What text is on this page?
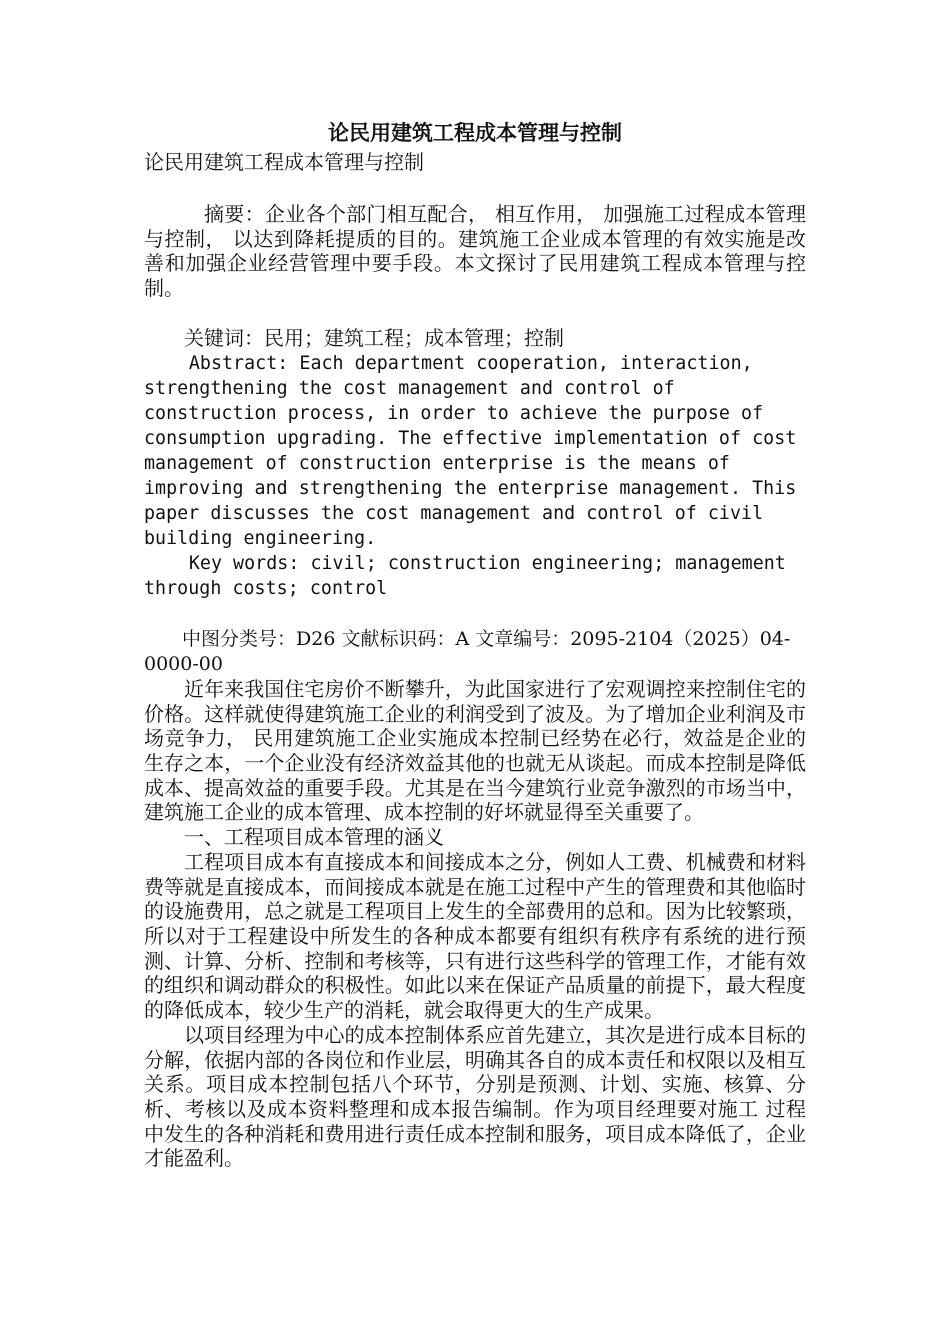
论民用建筑工程成本管理与控制

论民用建筑工程成本管理与控制

摘要：企业各个部门相互配合， 相互作用， 加强施工过程成本管理与控制， 以达到降耗提质的目的。建筑施工企业成本管理的有效实施是改善和加强企业经营管理中要手段。本文探讨了民用建筑工程成本管理与控制。

关键词：民用；建筑工程；成本管理；控制

Abstract: Each department cooperation, interaction, strengthening the cost management and control of construction process, in order to achieve the purpose of consumption upgrading. The effective implementation of cost management of construction enterprise is the means of improving and strengthening the enterprise management. This paper discusses the cost management and control of civil building engineering.

Key words: civil; construction engineering; management through costs; control

中图分类号：D26 文献标识码：A 文章编号：2095-2104（2025）04-0000-00

近年来我国住宅房价不断攀升，为此国家进行了宏观调控来控制住宅的价格。这样就使得建筑施工企业的利润受到了波及。为了增加企业利润及市场竞争力， 民用建筑施工企业实施成本控制已经势在必行，效益是企业的生存之本，一个企业没有经济效益其他的也就无从谈起。而成本控制是降低成本、提高效益的重要手段。尤其是在当今建筑行业竞争激烈的市场当中，建筑施工企业的成本管理、成本控制的好坏就显得至关重要了。

一、工程项目成本管理的涵义

工程项目成本有直接成本和间接成本之分，例如人工费、机械费和材料费等就是直接成本，而间接成本就是在施工过程中产生的管理费和其他临时的设施费用，总之就是工程项目上发生的全部费用的总和。因为比较繁琐，所以对于工程建设中所发生的各种成本都要有组织有秩序有系统的进行预测、计算、分析、控制和考核等，只有进行这些科学的管理工作，才能有效的组织和调动群众的积极性。如此以来在保证产品质量的前提下，最大程度的降低成本，较少生产的消耗，就会取得更大的生产成果。

以项目经理为中心的成本控制体系应首先建立，其次是进行成本目标的分解，依据内部的各岗位和作业层，明确其各自的成本责任和权限以及相互关系。项目成本控制包括八个环节，分别是预测、计划、实施、核算、分析、考核以及成本资料整理和成本报告编制。作为项目经理要对施工 过程中发生的各种消耗和费用进行责任成本控制和服务，项目成本降低了，企业才能盈利。
